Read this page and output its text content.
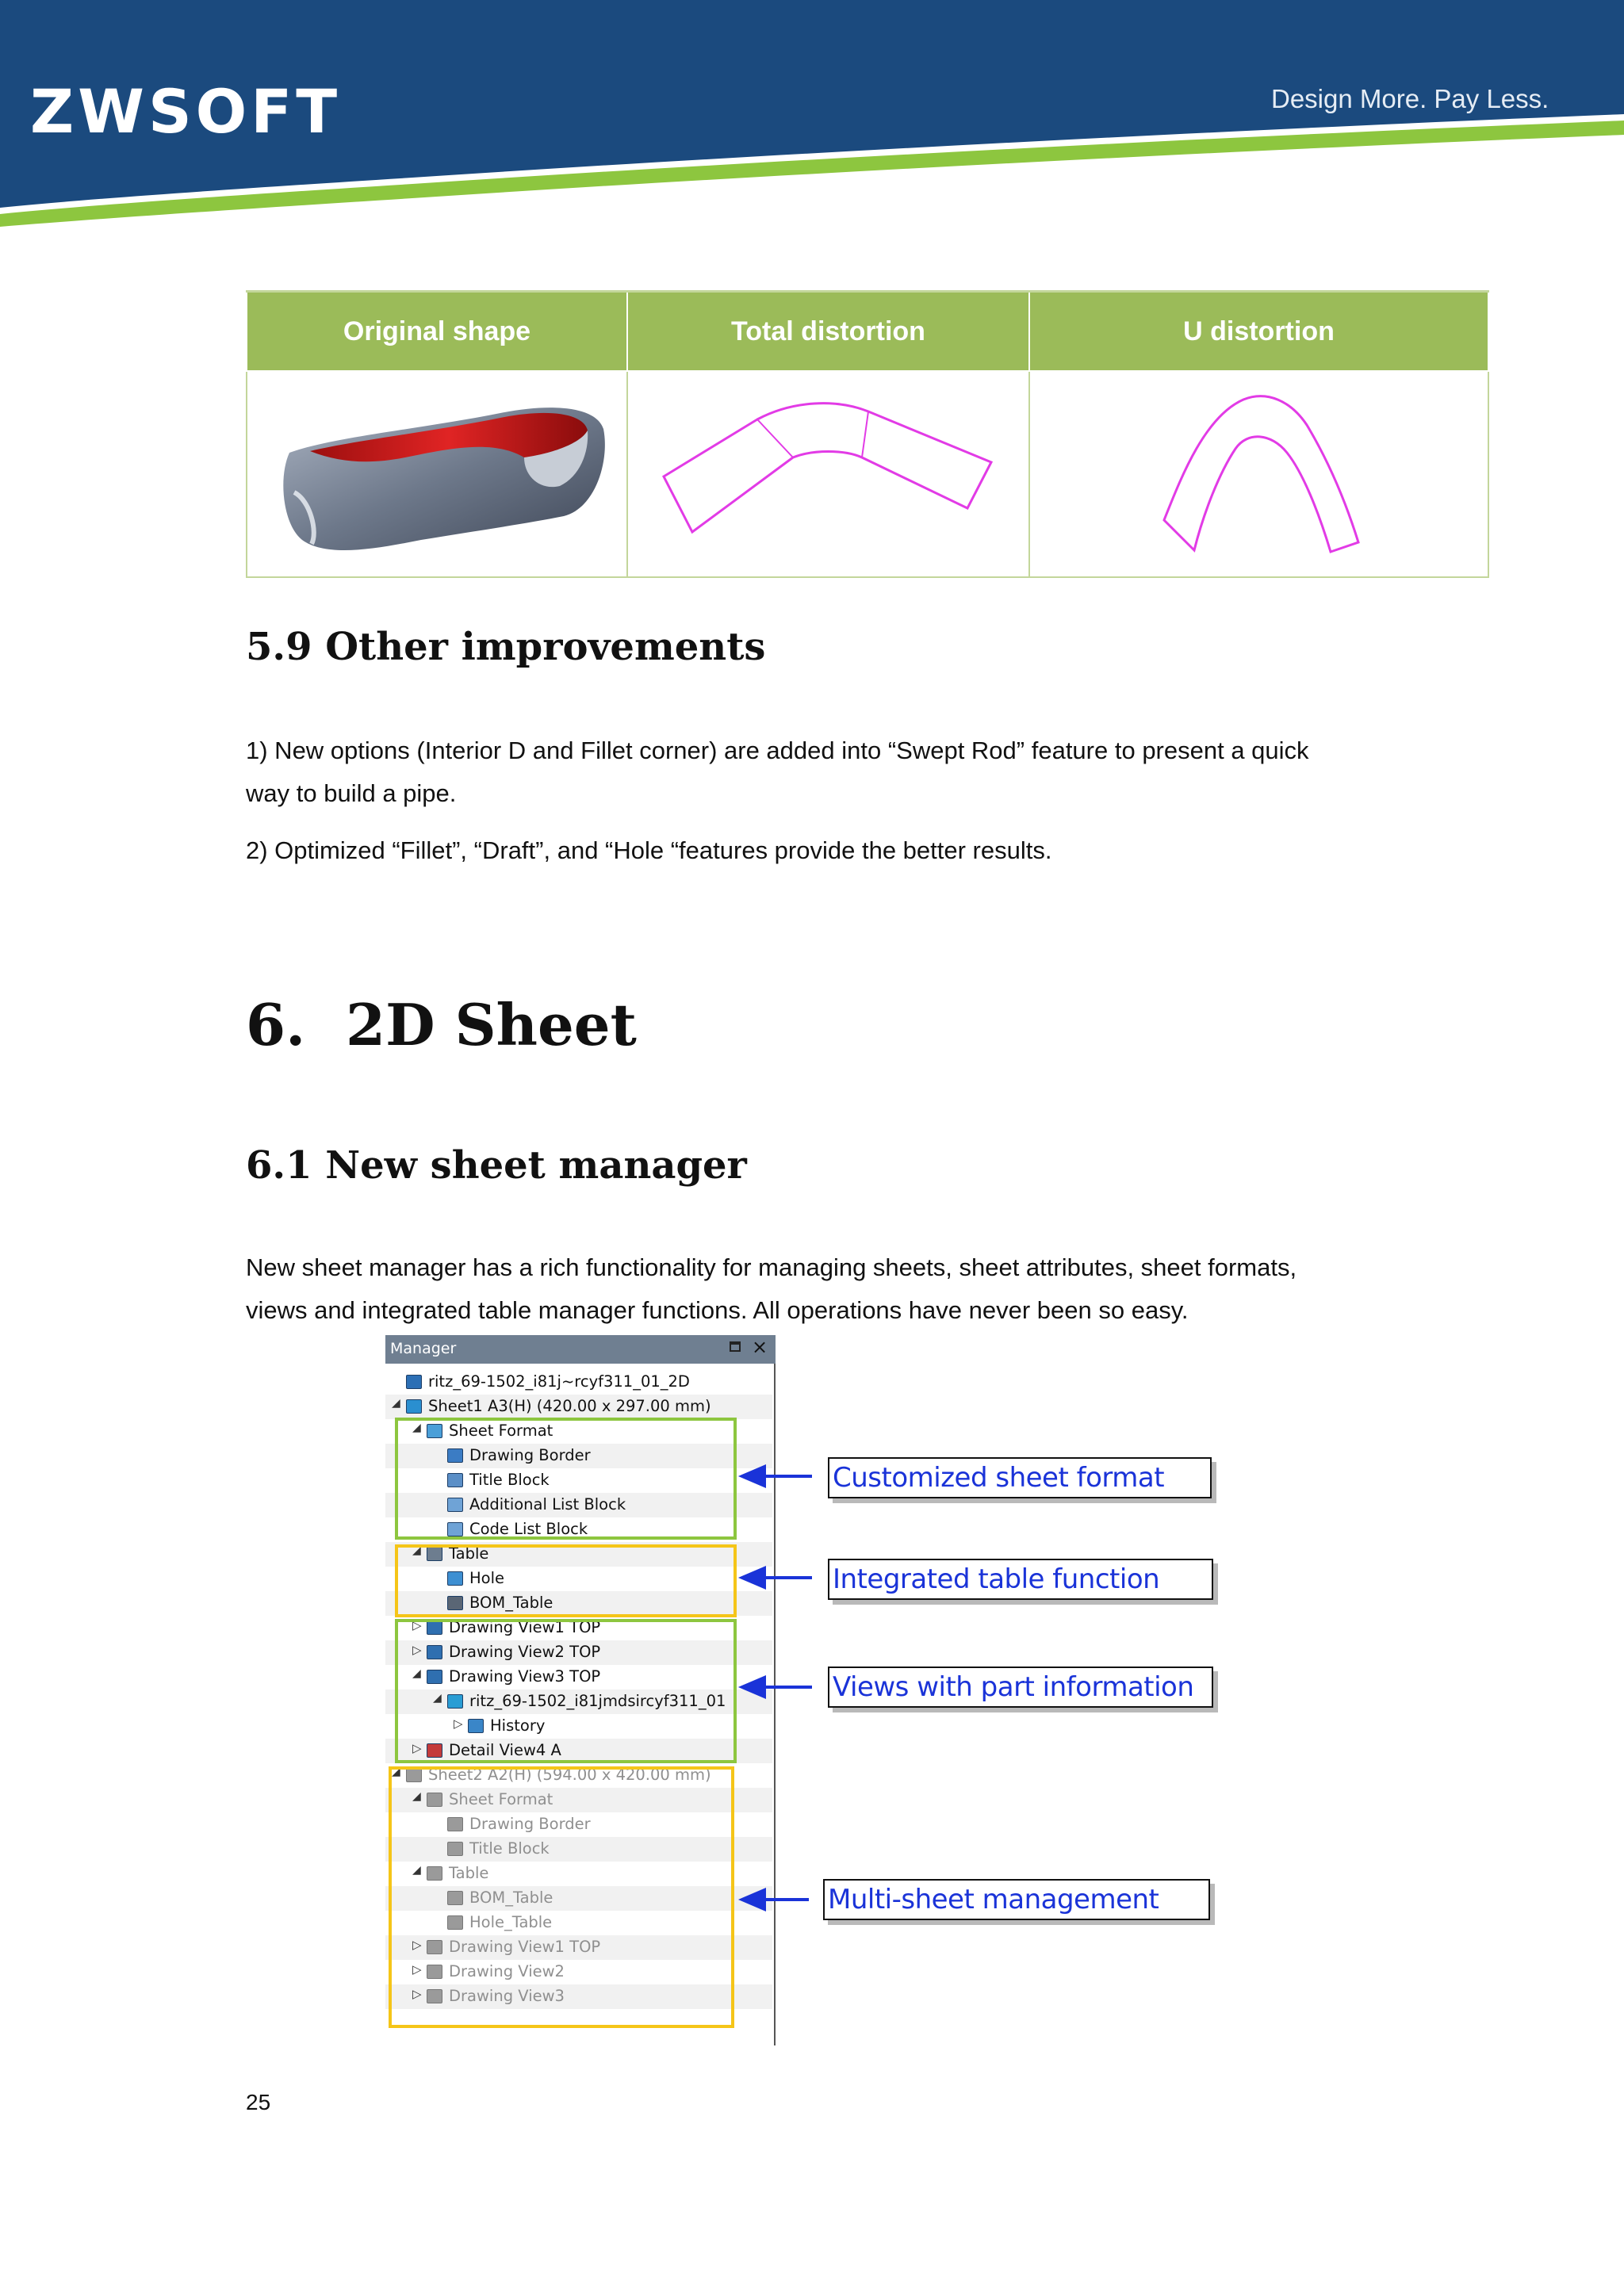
ZWSOFT	Design More. Pay Less.
Original shape	Total distortion	U distortion

5.9 Other improvements

1) New options (Interior D and Fillet corner) are added into “Swept Rod” feature to present a quick
way to build a pipe.

2) Optimized “Fillet”, “Draft”, and “Hole “features provide the better results.

6. 2D Sheet
6.1 New sheet manager

New sheet manager has a rich functionality for managing sheets, sheet attributes, sheet formats,
views and integrated table manager functions. All operations have never been so easy.

Manager	×
ritz_69-1502_i81j~rcyf311_01_2D
◢ Sheet1 A3(H) (420.00 x 297.00 mm)
◢ Sheet Format
Drawing Border
Title Block
Additional List Block
Code List Block
◢ Table
Hole
BOM_Table
▷ Drawing View1 TOP
▷ Drawing View2 TOP
◢ Drawing View3 TOP
◢ ritz_69-1502_i81jmdsircyf311_01
▷ History
▷ Detail View4 A
◢ Sheet2 A2(H) (594.00 x 420.00 mm)
◢ Sheet Format
Drawing Border
Title Block
◢ Table
BOM_Table
Hole_Table
▷ Drawing View1 TOP
▷ Drawing View2
▷ Drawing View3
Customized sheet format
Integrated table function
Views with part information
Multi-sheet management
25
